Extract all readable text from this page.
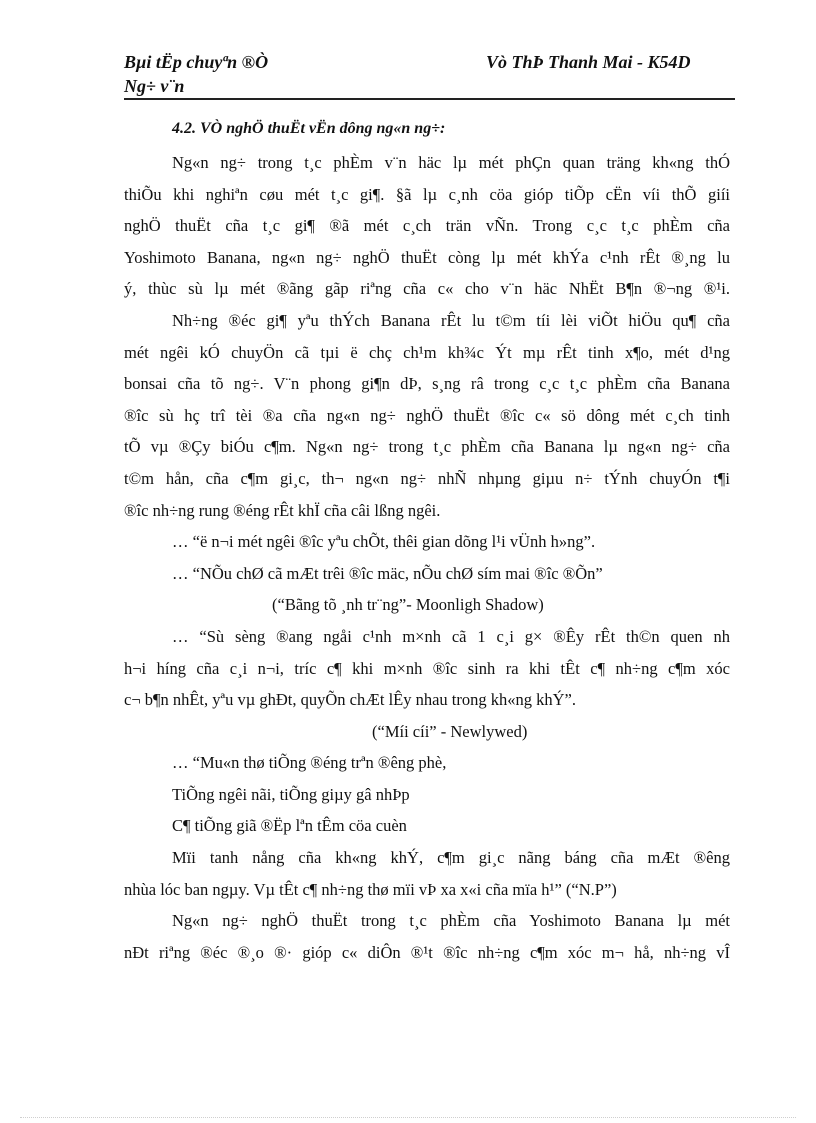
Bµi tËp chuyªn ®Ò
Ng÷ v¨n
Vò ThÞ Thanh Mai - K54D
4.2. VÒ nghÖ thuËt vËn dông ng«n ng÷:
Ng«n ng÷ trong t¸c phÈm v¨n häc lµ mét phÇn quan träng kh«ng thÓ
thiÕu khi nghiªn cøu mét t¸c gi¶. §ã lµ c¸nh cöa gióp tiÕp cËn víi thÕ giíi
nghÖ thuËt cña t¸c gi¶ ®ã mét c¸ch trän vÑn. Trong c¸c t¸c phÈm cña
Yoshimoto Banana, ng«n ng÷ nghÖ thuËt còng lµ mét khÝa c¹nh rÊt ®¸ng lu
ý, thùc sù lµ mét ®ãng gãp riªng cña c« cho v¨n häc NhËt B¶n ®¬ng ®¹i.
Nh÷ng ®éc gi¶ yªu thÝch Banana rÊt lu t©m tíi lèi viÕt hiÖu qu¶ cña
mét ngêi kÓ chuyÖn cã tµi ë chç ch¹m kh¾c Ýt mµ rÊt tinh x¶o, mét d¹ng
bonsai cña tõ ng÷. V¨n phong gi¶n dÞ, s¸ng râ trong c¸c t¸c phÈm cña Banana
®îc sù hç trî tèi ®a cña ng«n ng÷ nghÖ thuËt ®îc c« sö dông mét c¸ch tinh
tÕ vµ ®Çy biÓu c¶m. Ng«n ng÷ trong t¸c phÈm cña Banana lµ ng«n ng÷ cña
t©m hån, cña c¶m gi¸c, th¬ ng«n ng÷ nhÑ nhµng giµu n÷ tÝnh chuyÓn t¶i
®îc nh÷ng rung ®éng rÊt khÏ cña câi lßng ngêi.
… “ë n¬i mét ngêi ®îc yªu chÕt, thêi gian dõng l¹i vÜnh h»ng”.
… “NÕu chØ cã mÆt trêi ®îc mäc, nÕu chØ sím mai ®îc ®Õn”
(“Bãng tõ ¸nh tr¨ng”- Moonligh Shadow)
… “Sù sèng ®ang ngåi c¹nh m×nh cã 1 c¸i g× ®Êy rÊt th©n quen nh
h¬i híng cña c¸i n¬i, tríc c¶ khi m×nh ®îc sinh ra khi tÊt c¶ nh÷ng c¶m xóc
c¬ b¶n nhÊt, yªu vµ ghÐt, quyÕn chÆt lÊy nhau trong kh«ng khÝ”.
(“Míi cíi” - Newlywed)
… “Mu«n thø tiÕng ®éng trªn ®êng phè,
TiÕng ngêi nãi, tiÕng giµy gâ nhÞp
C¶ tiÕng giã ®Ëp lªn tÊm cöa cuèn
Mïi tanh nång cña kh«ng khÝ, c¶m gi¸c nãng báng cña mÆt ®êng
nhùa lóc ban ngµy. Vµ tÊt c¶ nh÷ng thø mïi vÞ xa x«i cña mïa h¹” (“N.P”)
Ng«n ng÷ nghÖ thuËt trong t¸c phÈm cña Yoshimoto Banana lµ mét
nÐt riªng ®éc ®¸o ®· gióp c« diÔn ®¹t ®îc nh÷ng c¶m xóc m¬ hå, nh÷ng vÎ
